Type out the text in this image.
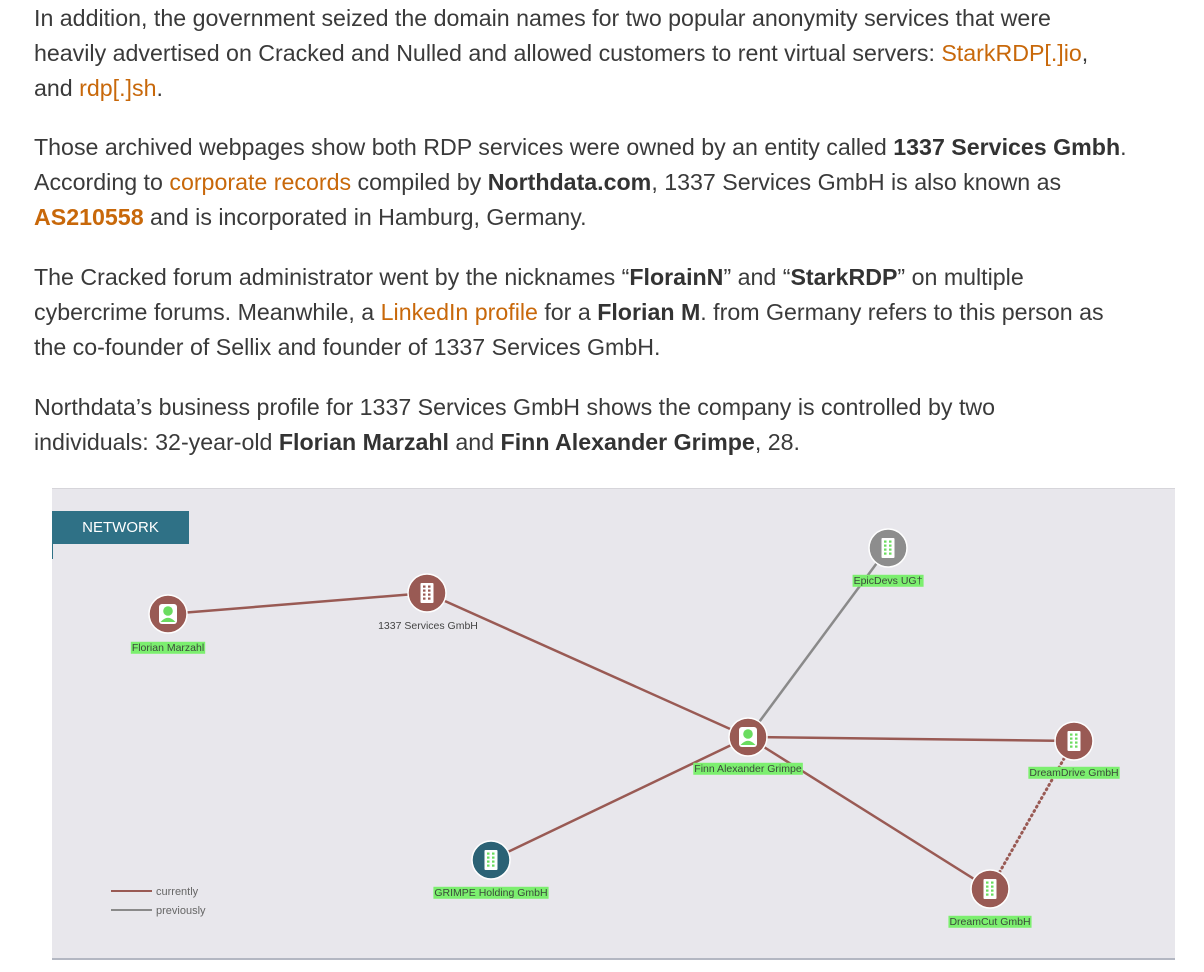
In addition, the government seized the domain names for two popular anonymity services that were
heavily advertised on Cracked and Nulled and allowed customers to rent virtual servers: StarkRDP[.]io,
and rdp[.]sh.

Those archived webpages show both RDP services were owned by an entity called 1337 Services Gmbh.
According to corporate records compiled by Northdata.com, 1337 Services GmbH is also known as
AS210558 and is incorporated in Hamburg, Germany.

The Cracked forum administrator went by the nicknames “FlorainN” and “StarkRDP” on multiple
cybercrime forums. Meanwhile, a LinkedIn profile for a Florian M. from Germany refers to this person as
the co-founder of Sellix and founder of 1337 Services GmbH.

Northdata’s business profile for 1337 Services GmbH shows the company is controlled by two
individuals: 32-year-old Florian Marzahl and Finn Alexander Grimpe, 28.

NETWORK
Florian Marzahl
1337 Services GmbH
EpicDevs UG†
Finn Alexander Grimpe	DreamDrive GmbH
GRIMPE Holding GmbH
DreamCut GmbH
currently
previously
